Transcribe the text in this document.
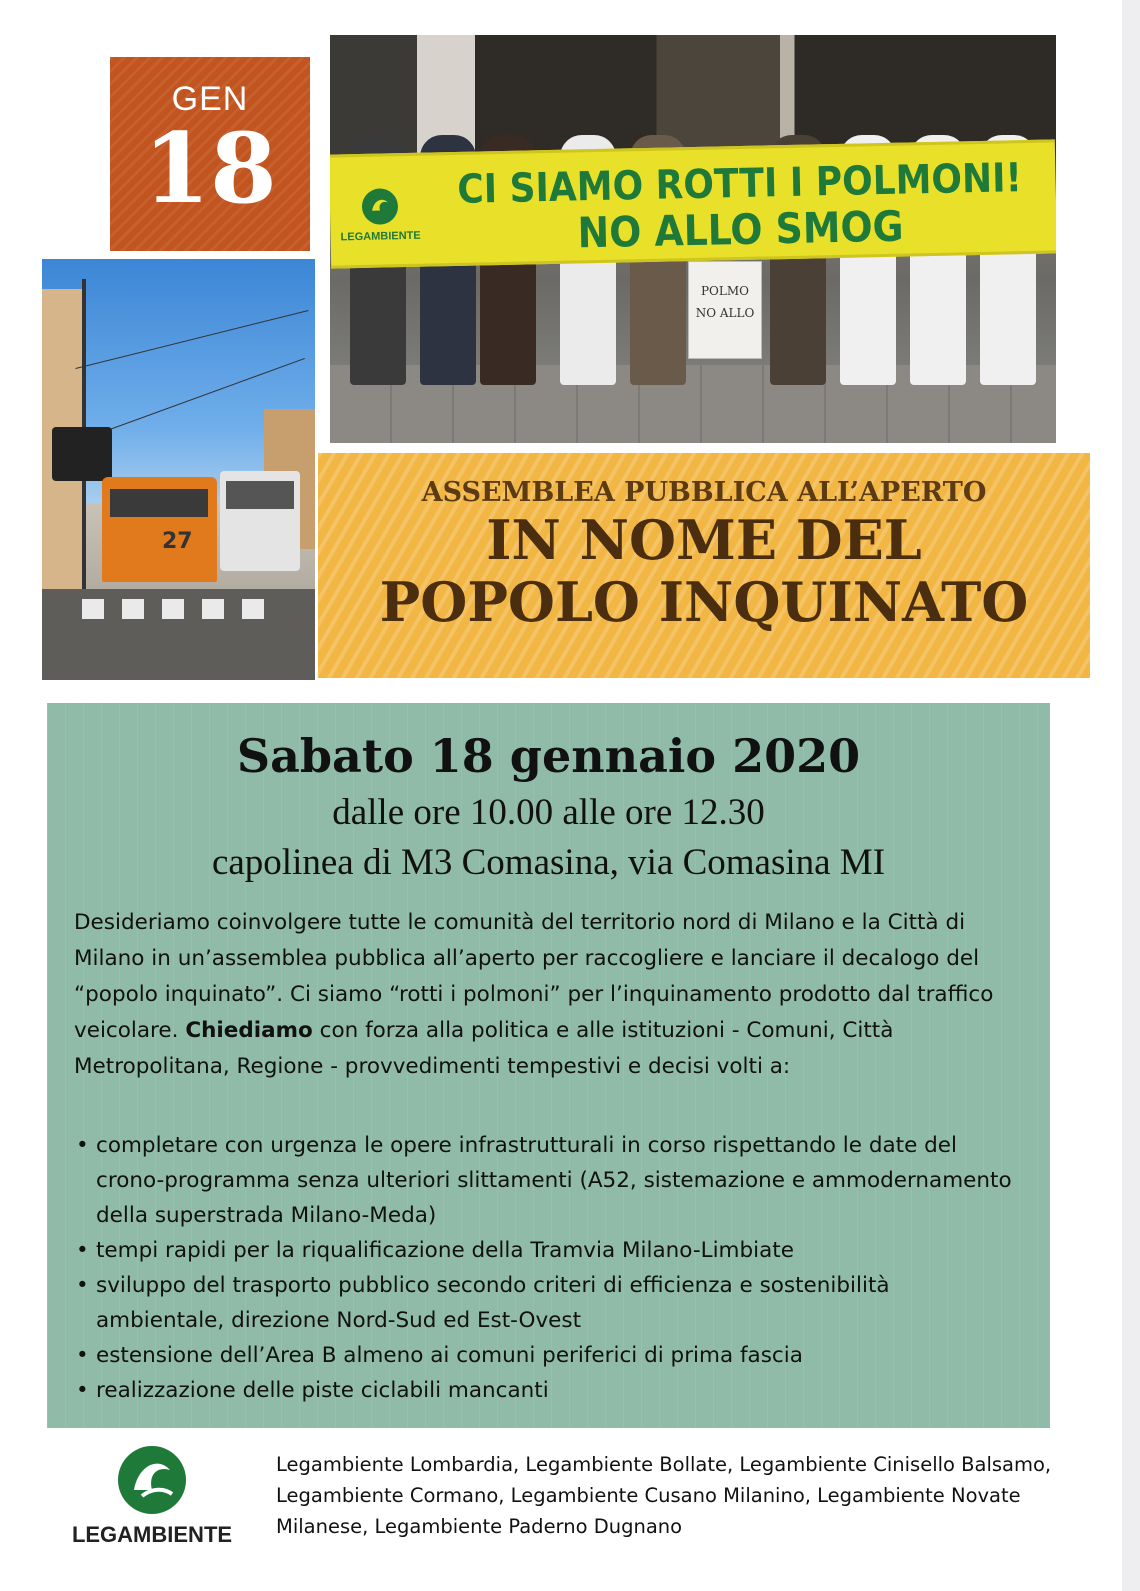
GEN
18
LEGAMBIENTE
CI SIAMO ROTTI I POLMONI!
NO ALLO SMOG
POLMO
NO ALLO
27
ASSEMBLEA PUBBLICA ALL’APERTO
IN NOME DEL
POPOLO INQUINATO
Sabato 18 gennaio 2020
dalle ore 10.00 alle ore 12.30
capolinea di M3 Comasina, via Comasina MI
Desideriamo coinvolgere tutte le comunità del territorio nord di Milano e la Città di Milano in un’assemblea pubblica all’aperto per raccogliere e lanciare il decalogo del “popolo inquinato”. Ci siamo “rotti i polmoni” per l’inquinamento prodotto dal traffico veicolare. Chiediamo con forza alla politica e alle istituzioni - Comuni, Città Metropolitana, Regione - provvedimenti tempestivi e decisi volti a:
• completare con urgenza le opere infrastrutturali in corso rispettando le date del crono-programma senza ulteriori slittamenti (A52, sistemazione e ammodernamento della superstrada Milano-Meda)
• tempi rapidi per la riqualificazione della Tramvia Milano-Limbiate
• sviluppo del trasporto pubblico secondo criteri di efficienza e sostenibilità ambientale, direzione Nord-Sud ed Est-Ovest
• estensione dell’Area B almeno ai comuni periferici di prima fascia
• realizzazione delle piste ciclabili mancanti
LEGAMBIENTE
Legambiente Lombardia, Legambiente Bollate, Legambiente Cinisello Balsamo, Legambiente Cormano, Legambiente Cusano Milanino, Legambiente Novate Milanese, Legambiente Paderno Dugnano
